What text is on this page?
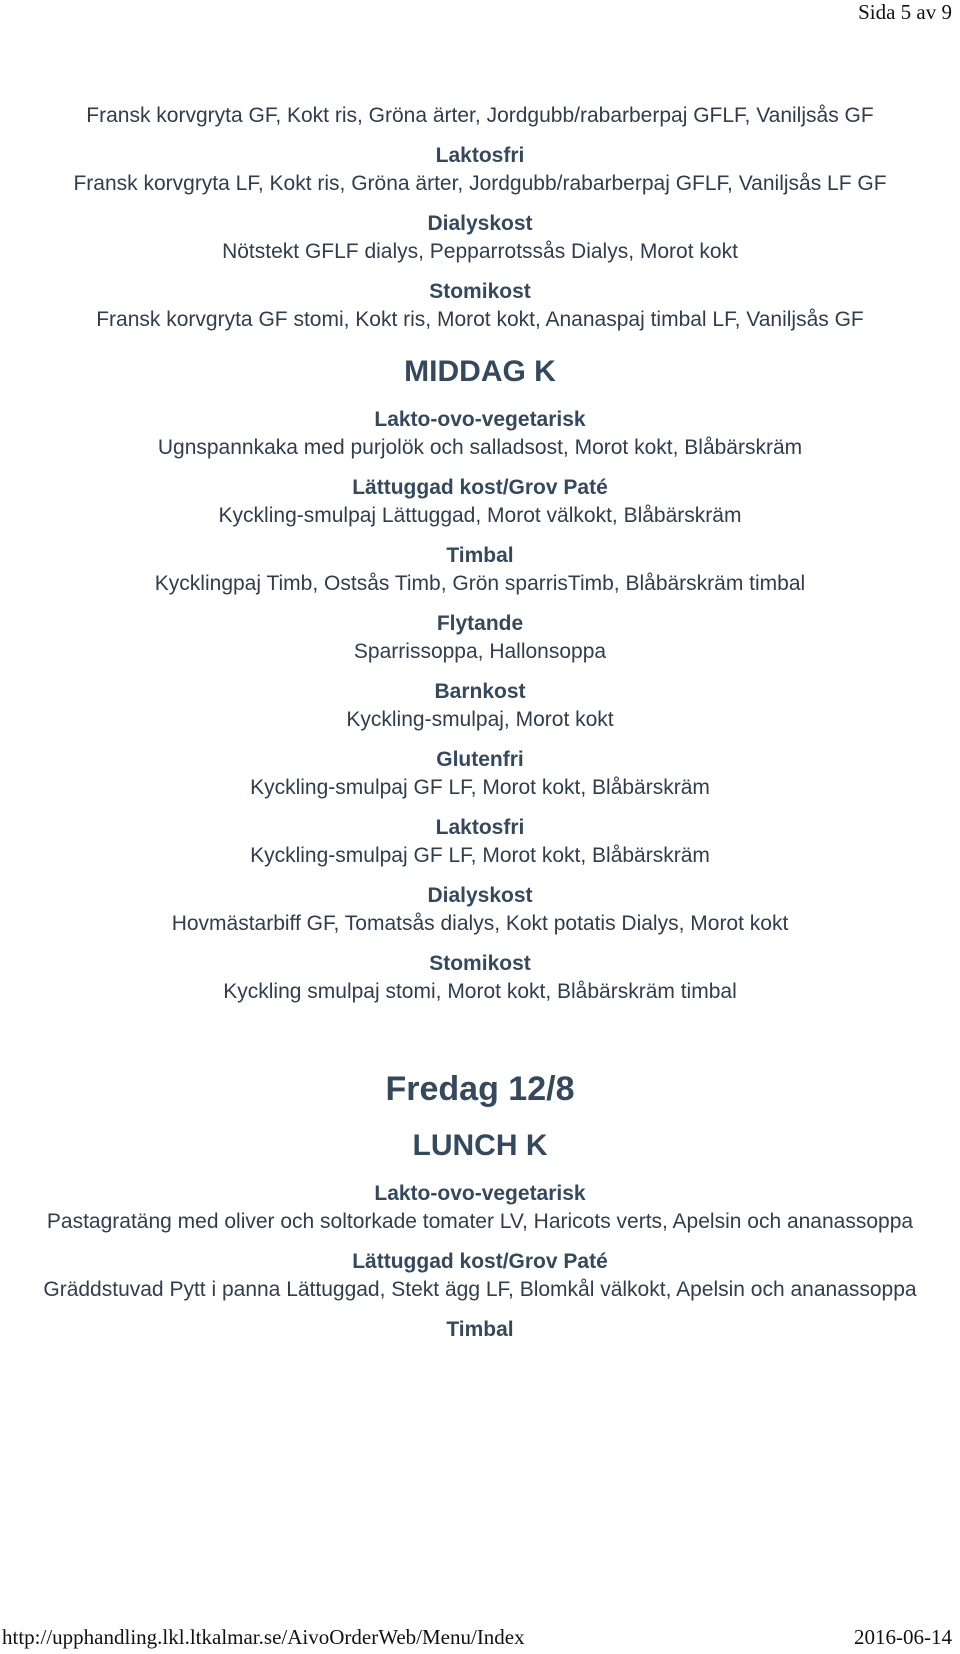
Sida 5 av 9
Fransk korvgryta GF, Kokt ris, Gröna ärter, Jordgubb/rabarberpaj GFLF, Vaniljsås GF
Laktosfri
Fransk korvgryta LF, Kokt ris, Gröna ärter, Jordgubb/rabarberpaj GFLF, Vaniljsås LF GF
Dialyskost
Nötstekt GFLF dialys, Pepparrotssås Dialys, Morot kokt
Stomikost
Fransk korvgryta GF stomi, Kokt ris, Morot kokt, Ananaspaj timbal LF, Vaniljsås GF
MIDDAG K
Lakto-ovo-vegetarisk
Ugnspannkaka med purjolök och salladsost, Morot kokt, Blåbärskräm
Lättuggad kost/Grov Paté
Kyckling-smulpaj Lättuggad, Morot välkokt, Blåbärskräm
Timbal
Kycklingpaj Timb, Ostsås Timb, Grön sparrisTimb, Blåbärskräm timbal
Flytande
Sparrissoppa, Hallonsoppa
Barnkost
Kyckling-smulpaj, Morot kokt
Glutenfri
Kyckling-smulpaj GF LF, Morot kokt, Blåbärskräm
Laktosfri
Kyckling-smulpaj GF LF, Morot kokt, Blåbärskräm
Dialyskost
Hovmästarbiff GF, Tomatsås dialys, Kokt potatis Dialys, Morot kokt
Stomikost
Kyckling smulpaj stomi, Morot kokt, Blåbärskräm timbal
Fredag 12/8
LUNCH K
Lakto-ovo-vegetarisk
Pastagratäng med oliver och soltorkade tomater LV, Haricots verts, Apelsin och ananassoppa
Lättuggad kost/Grov Paté
Gräddstuvad Pytt i panna Lättuggad, Stekt ägg LF, Blomkål välkokt, Apelsin och ananassoppa
Timbal
http://upphandling.lkl.ltkalmar.se/AivoOrderWeb/Menu/Index	2016-06-14
